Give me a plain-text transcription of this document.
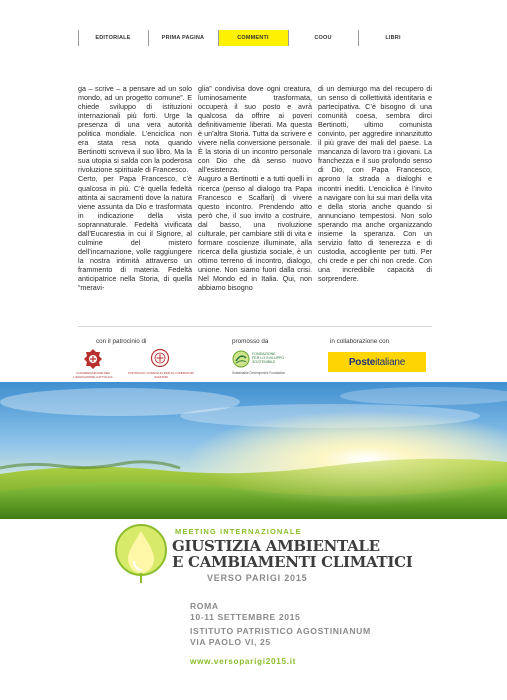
EDITORIALE	PRIMA PAGINA	COMMENTI	COOU	LIBRI

ga – scrive – a pensare ad un solo mondo, ad un progetto comune”. E chiede sviluppo di istituzioni internazionali più forti. Urge la presenza di una vera autorità politica mondiale. L’enciclica non era stata resa nota quando Bertinotti scriveva il suo libro. Ma la sua utopia si salda con la poderosa rivoluzione spirituale di Francesco.

Certo, per Papa Francesco, c’è qualcosa in più. C’è quella fedeltà attinta ai sacramenti dove la natura viene assunta da Dio e trasformata in indicazione della vista soprannaturale. Fedeltà vivificata dall’Eucarestia in cui il Signore, al culmine del mistero dell’incarnazione, volle raggiungere la nostra intimità attraverso un frammento di materia. Fedeltà anticipatrice nella Storia, di quella “meravi-

glia” condivisa dove ogni creatura, luminosamente trasformata, occuperà il suo posto e avrà qualcosa da offrire ai poveri definitivamente liberati. Ma questa è un’altra Storia. Tutta da scrivere e vivere nella conversione personale. È la storia di un incontro personale con Dio che dà senso nuovo all’esistenza.

Auguro a Bertinotti e a tutti quelli in ricerca (penso al dialogo tra Papa Francesco e Scalfari) di vivere questo incontro. Prendendo atto però che, il suo invito a costruire, dal basso, una rivoluzione culturale, per cambiare stili di vita e formare coscienze illuminate, alla ricerca della giustizia sociale, è un ottimo terreno di incontro, dialogo, unione. Non siamo fuori dalla crisi. Nel Mondo ed in Italia. Qui, non abbiamo bisogno

di un demiurgo ma del recupero di un senso di collettività identitaria e partecipativa. C’è bisogno di una comunità coesa, sembra dirci Bertinotti, ultimo comunista convinto, per aggredire innanzitutto il più grave dei mali del paese. La mancanza di lavoro tra i giovani. La franchezza e il suo profondo senso di Dio, con Papa Francesco, aprono la strada a dialoghi e incontri inediti. L’enciclica è l’invito a navigare con lui sui mari della vita e della storia anche quando si annunciano tempestosi. Non solo sperando ma anche organizzando insieme la speranza. Con un servizio fatto di tenerezza e di custodia, accogliente per tutti. Per chi crede e per chi non crede. Con una incredibile capacità di sorprendere.

con il patrocinio di
CONGREGAZIONE PER L'EDUCAZIONE CATTOLICA
PONTIFICIO CONSIGLIO PER GLI OPERATORI SANITARI
promosso da
FONDAZIONE
PER LO SVILUPPO
SOSTENIBILE
Sustainable Development Foundation
in collaborazione con
Poste italiane
MEETING INTERNAZIONALE
GIUSTIZIA AMBIENTALE
E CAMBIAMENTI CLIMATICI
VERSO PARIGI 2015
ROMA
10-11 SETTEMBRE 2015
ISTITUTO PATRISTICO AGOSTINIANUM
VIA PAOLO VI, 25
www.versoparigi2015.it
